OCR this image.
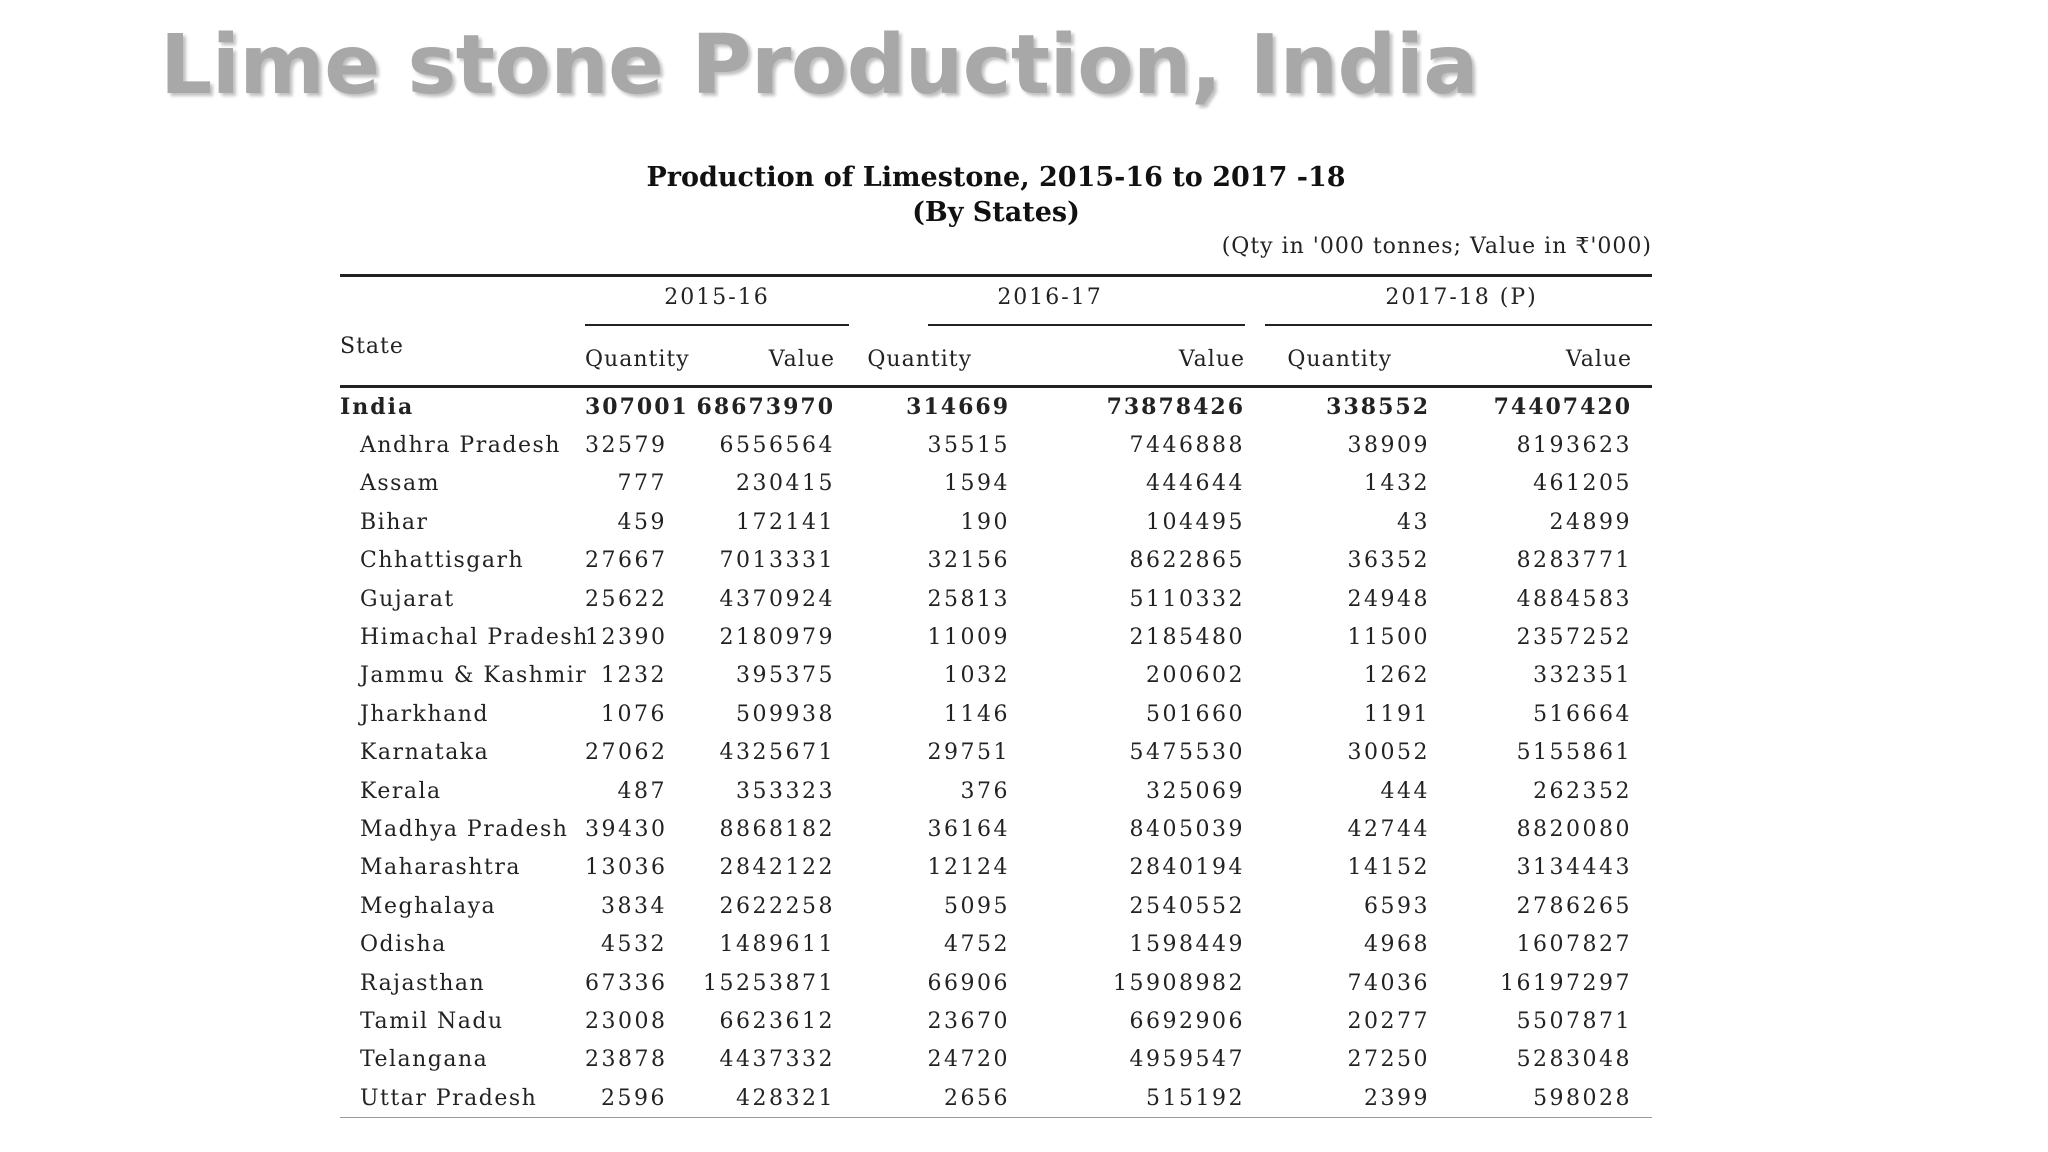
Lime stone Production, India

Production of Limestone, 2015-16 to 2017 -18

(By States)

(Qty in '000 tonnes; Value in ₹'000)
State	2015-16		2016-17		2017-18 (P)	

	Quantity	Value	Quantity	Value	Quantity	Value
India	307001	68673970	314669	73878426	338552	74407420
Andhra Pradesh	32579	6556564	35515	7446888	38909	8193623
Assam	777	230415	1594	444644	1432	461205
Bihar	459	172141	190	104495	43	24899
Chhattisgarh	27667	7013331	32156	8622865	36352	8283771
Gujarat	25622	4370924	25813	5110332	24948	4884583
Himachal Pradesh	12390	2180979	11009	2185480	11500	2357252
Jammu & Kashmir	1232	395375	1032	200602	1262	332351
Jharkhand	1076	509938	1146	501660	1191	516664
Karnataka	27062	4325671	29751	5475530	30052	5155861
Kerala	487	353323	376	325069	444	262352
Madhya Pradesh	39430	8868182	36164	8405039	42744	8820080
Maharashtra	13036	2842122	12124	2840194	14152	3134443
Meghalaya	3834	2622258	5095	2540552	6593	2786265
Odisha	4532	1489611	4752	1598449	4968	1607827
Rajasthan	67336	15253871	66906	15908982	74036	16197297
Tamil Nadu	23008	6623612	23670	6692906	20277	5507871
Telangana	23878	4437332	24720	4959547	27250	5283048
Uttar Pradesh	2596	428321	2656	515192	2399	598028
